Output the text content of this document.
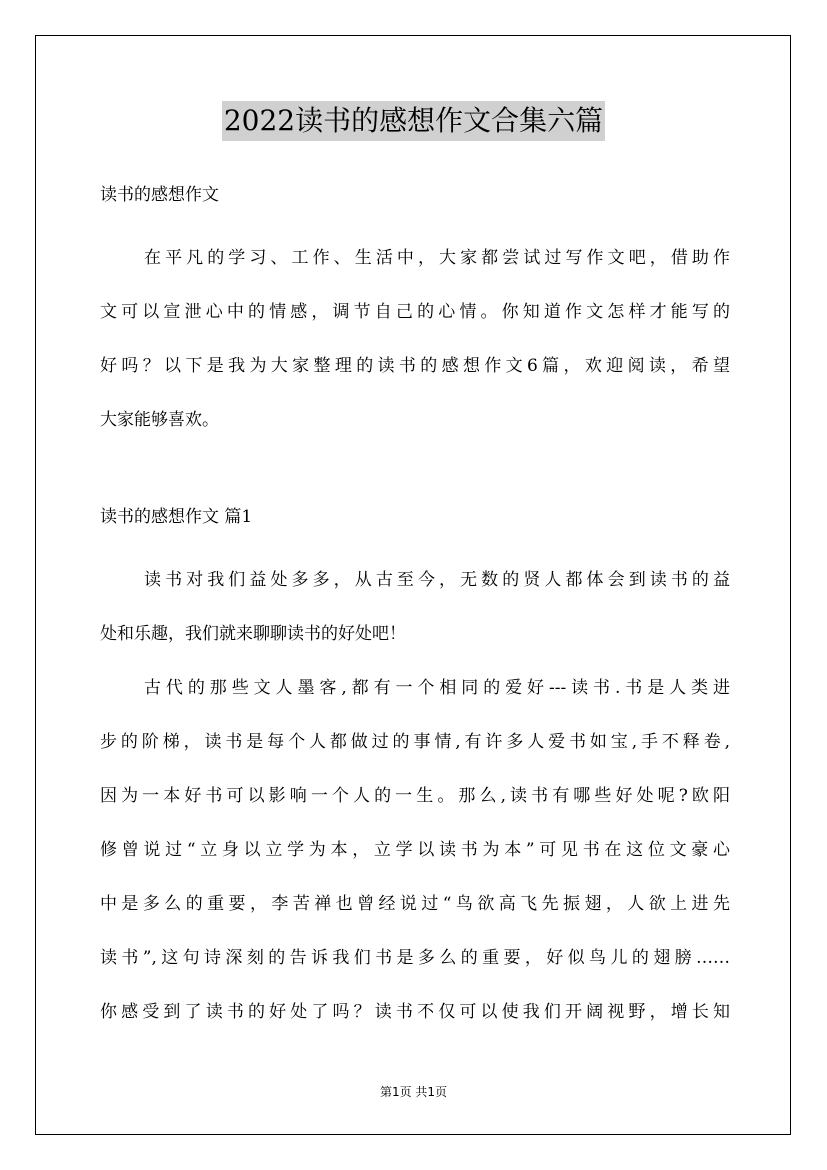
2022读书的感想作文合集六篇

读书的感想作文

在平凡的学习、工作、生活中，大家都尝试过写作文吧，借助作
文可以宣泄心中的情感，调节自己的心情。你知道作文怎样才能写的
好吗？以下是我为大家整理的读书的感想作文6篇，欢迎阅读，希望
大家能够喜欢。

读书的感想作文 篇1

读书对我们益处多多，从古至今，无数的贤人都体会到读书的益
处和乐趣，我们就来聊聊读书的好处吧！
古代的那些文人墨客,都有一个相同的爱好---读书.书是人类进
步的阶梯，读书是每个人都做过的事情,有许多人爱书如宝,手不释卷,
因为一本好书可以影响一个人的一生。那么,读书有哪些好处呢?欧阳
修曾说过“立身以立学为本，立学以读书为本”可见书在这位文豪心
中是多么的重要，李苦禅也曾经说过“鸟欲高飞先振翅，人欲上进先
读书”,这句诗深刻的告诉我们书是多么的重要，好似鸟儿的翅膀……
你感受到了读书的好处了吗？读书不仅可以使我们开阔视野，增长知
第1页 共1页
